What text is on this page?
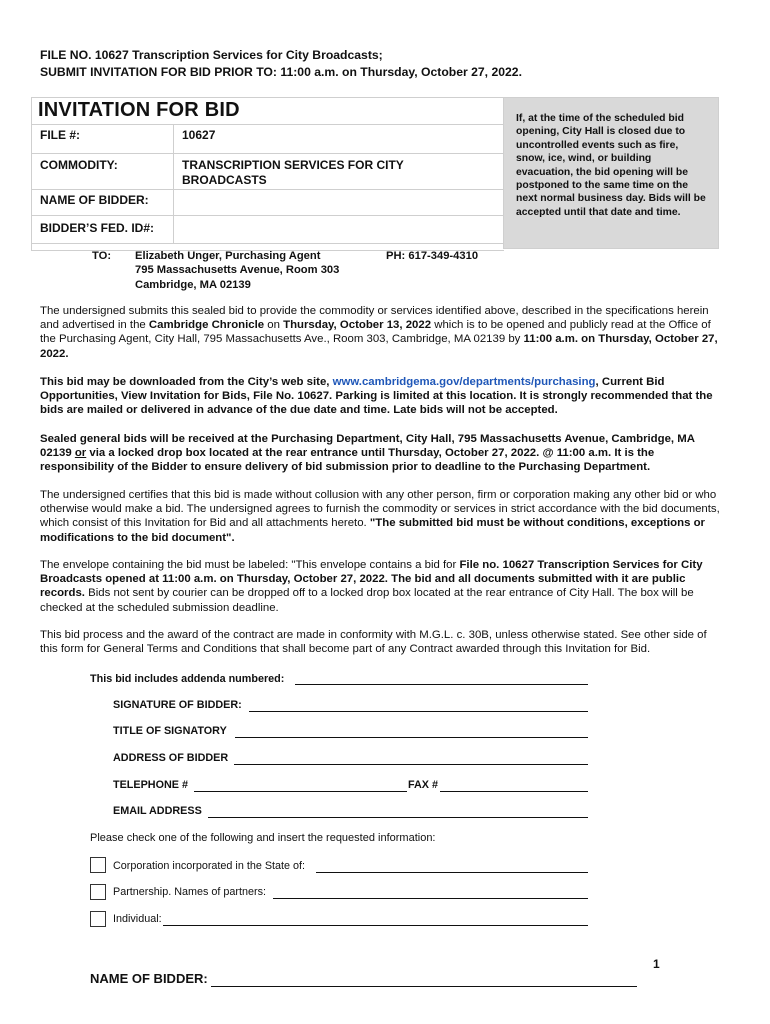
FILE NO. 10627 Transcription Services for City Broadcasts;
SUBMIT INVITATION FOR BID PRIOR TO: 11:00 a.m. on Thursday, October 27, 2022.
INVITATION FOR BID
FILE #:	10627
COMMODITY:	TRANSCRIPTION SERVICES FOR CITY
BROADCASTS
NAME OF BIDDER:
BIDDER’S FED. ID#:
If, at the time of the scheduled bid opening, City Hall is closed due to uncontrolled events such as fire, snow, ice, wind, or building evacuation, the bid opening will be postponed to the same time on the next normal business day. Bids will be accepted until that date and time.
TO: Elizabeth Unger, Purchasing Agent
795 Massachusetts Avenue, Room 303
Cambridge, MA 02139
PH: 617-349-4310
The undersigned submits this sealed bid to provide the commodity or services identified above, described in the specifications herein and advertised in the Cambridge Chronicle on Thursday, October 13, 2022 which is to be opened and publicly read at the Office of the Purchasing Agent, City Hall, 795 Massachusetts Ave., Room 303, Cambridge, MA 02139 by 11:00 a.m. on Thursday, October 27, 2022.
This bid may be downloaded from the City’s web site, www.cambridgema.gov/departments/purchasing, Current Bid Opportunities, View Invitation for Bids, File No. 10627. Parking is limited at this location. It is strongly recommended that the bids are mailed or delivered in advance of the due date and time. Late bids will not be accepted.
Sealed general bids will be received at the Purchasing Department, City Hall, 795 Massachusetts Avenue, Cambridge, MA 02139 or via a locked drop box located at the rear entrance until Thursday, October 27, 2022. @ 11:00 a.m. It is the responsibility of the Bidder to ensure delivery of bid submission prior to deadline to the Purchasing Department.
The undersigned certifies that this bid is made without collusion with any other person, firm or corporation making any other bid or who otherwise would make a bid. The undersigned agrees to furnish the commodity or services in strict accordance with the bid documents, which consist of this Invitation for Bid and all attachments hereto. "The submitted bid must be without conditions, exceptions or modifications to the bid document".
The envelope containing the bid must be labeled: "This envelope contains a bid for File no. 10627 Transcription Services for City Broadcasts opened at 11:00 a.m. on Thursday, October 27, 2022. The bid and all documents submitted with it are public records. Bids not sent by courier can be dropped off to a locked drop box located at the rear entrance of City Hall. The box will be checked at the scheduled submission deadline.
This bid process and the award of the contract are made in conformity with M.G.L. c. 30B, unless otherwise stated. See other side of this form for General Terms and Conditions that shall become part of any Contract awarded through this Invitation for Bid.
This bid includes addenda numbered:
SIGNATURE OF BIDDER:
TITLE OF SIGNATORY
ADDRESS OF BIDDER
TELEPHONE #	FAX #
EMAIL ADDRESS
Please check one of the following and insert the requested information:
Corporation incorporated in the State of:
Partnership. Names of partners:
Individual:
1
NAME OF BIDDER:
